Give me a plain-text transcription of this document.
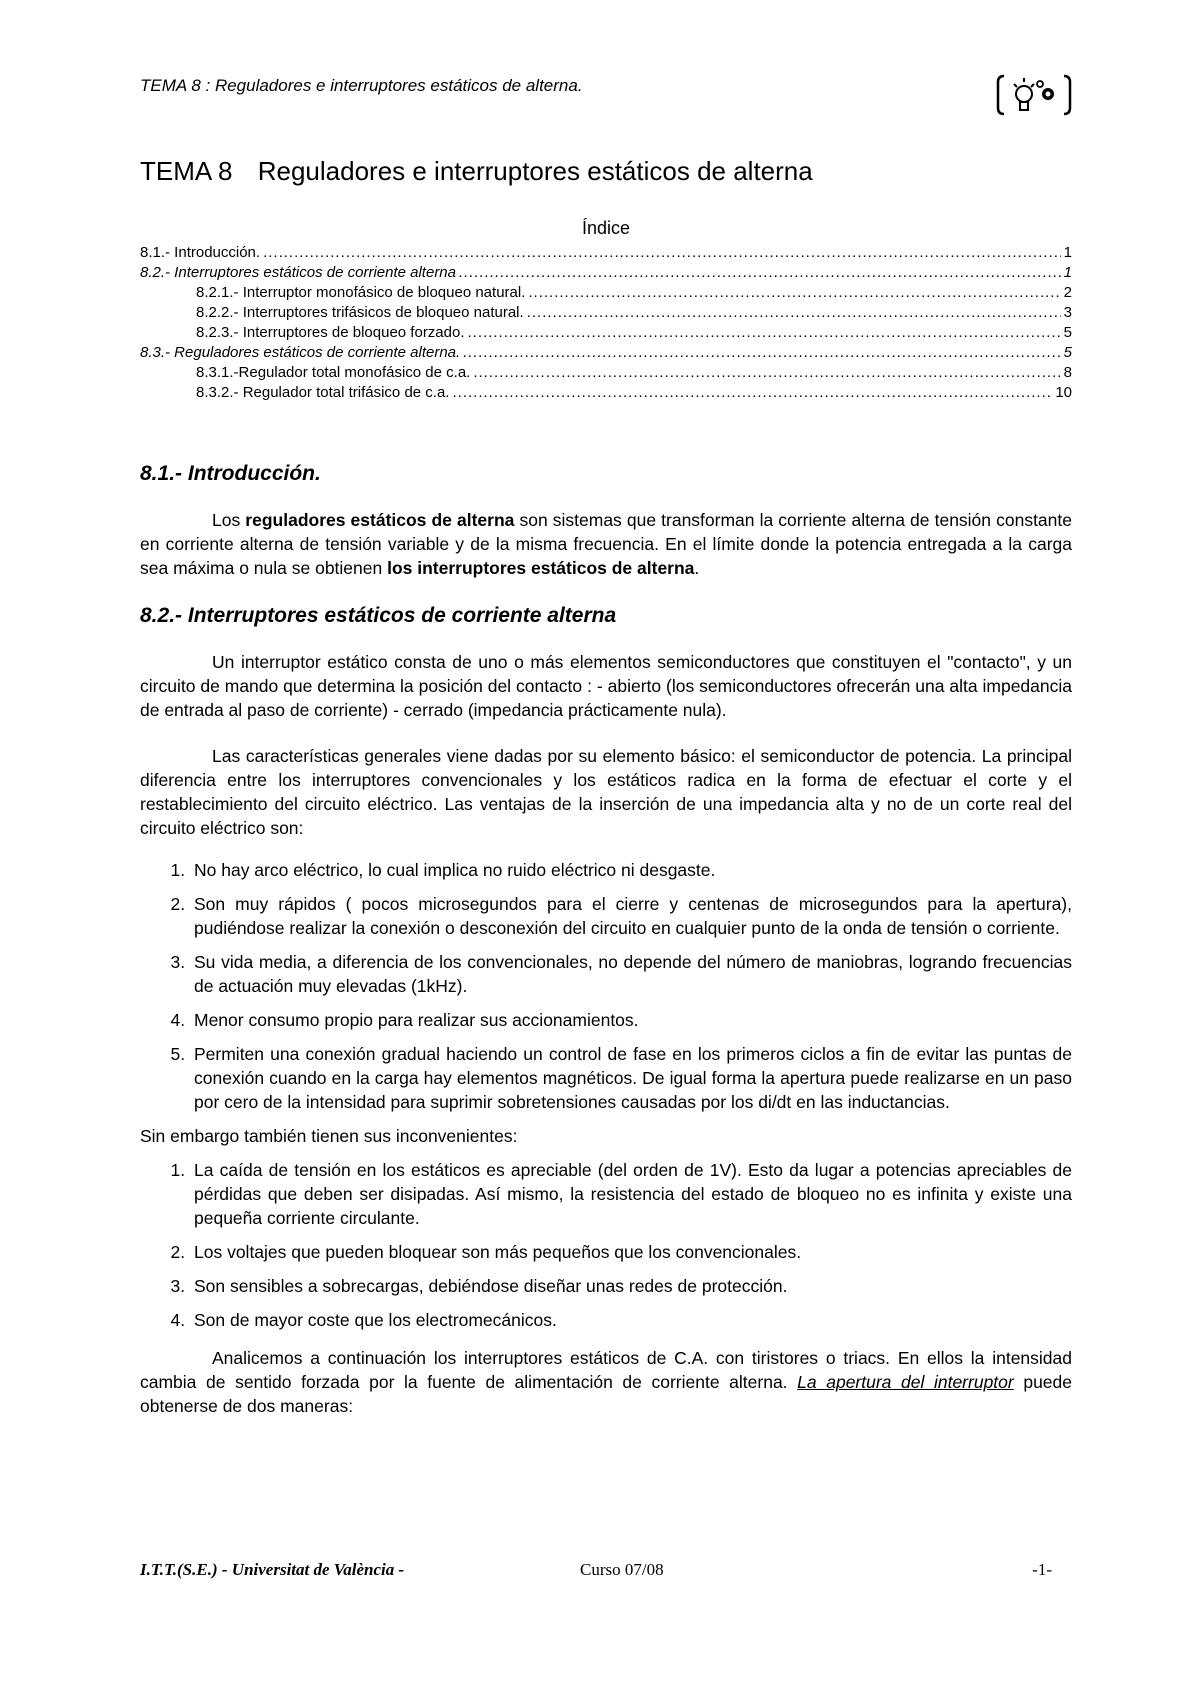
TEMA 8 : Reguladores e interruptores estáticos de alterna.
TEMA 8 Reguladores e interruptores estáticos de alterna
Índice
8.1.- Introducción. .....	1
8.2.- Interruptores estáticos de corriente alterna .....	1
8.2.1.- Interruptor monofásico de bloqueo natural. .....	2
8.2.2.- Interruptores trifásicos de bloqueo natural. .....	3
8.2.3.- Interruptores de bloqueo forzado. .....	5
8.3.- Reguladores estáticos de corriente alterna. .....	5
8.3.1.-Regulador total monofásico de c.a. .....	8
8.3.2.- Regulador total trifásico de c.a. .....	10
8.1.- Introducción.

Los reguladores estáticos de alterna son sistemas que transforman la corriente alterna de tensión constante en corriente alterna de tensión variable y de la misma frecuencia. En el límite donde la potencia entregada a la carga sea máxima o nula se obtienen los interruptores estáticos de alterna.

8.2.- Interruptores estáticos de corriente alterna

Un interruptor estático consta de uno o más elementos semiconductores que constituyen el "contacto", y un circuito de mando que determina la posición del contacto : - abierto (los semiconductores ofrecerán una alta impedancia de entrada al paso de corriente) - cerrado (impedancia prácticamente nula).

Las características generales viene dadas por su elemento básico: el semiconductor de potencia. La principal diferencia entre los interruptores convencionales y los estáticos radica en la forma de efectuar el corte y el restablecimiento del circuito eléctrico. Las ventajas de la inserción de una impedancia alta y no de un corte real del circuito eléctrico son:

1. No hay arco eléctrico, lo cual implica no ruido eléctrico ni desgaste.
2. Son muy rápidos ( pocos microsegundos para el cierre y centenas de microsegundos para la apertura), pudiéndose realizar la conexión o desconexión del circuito en cualquier punto de la onda de tensión o corriente.
3. Su vida media, a diferencia de los convencionales, no depende del número de maniobras, logrando frecuencias de actuación muy elevadas (1kHz).
4. Menor consumo propio para realizar sus accionamientos.
5. Permiten una conexión gradual haciendo un control de fase en los primeros ciclos a fin de evitar las puntas de conexión cuando en la carga hay elementos magnéticos. De igual forma la apertura puede realizarse en un paso por cero de la intensidad para suprimir sobretensiones causadas por los di/dt en las inductancias.

Sin embargo también tienen sus inconvenientes:

1. La caída de tensión en los estáticos es apreciable (del orden de 1V). Esto da lugar a potencias apreciables de pérdidas que deben ser disipadas. Así mismo, la resistencia del estado de bloqueo no es infinita y existe una pequeña corriente circulante.
2. Los voltajes que pueden bloquear son más pequeños que los convencionales.
3. Son sensibles a sobrecargas, debiéndose diseñar unas redes de protección.
4. Son de mayor coste que los electromecánicos.

Analicemos a continuación los interruptores estáticos de C.A. con tiristores o triacs. En ellos la intensidad cambia de sentido forzada por la fuente de alimentación de corriente alterna. La apertura del interruptor puede obtenerse de dos maneras:

I.T.T.(S.E.) - Universitat de València -	Curso 07/08	-1-
